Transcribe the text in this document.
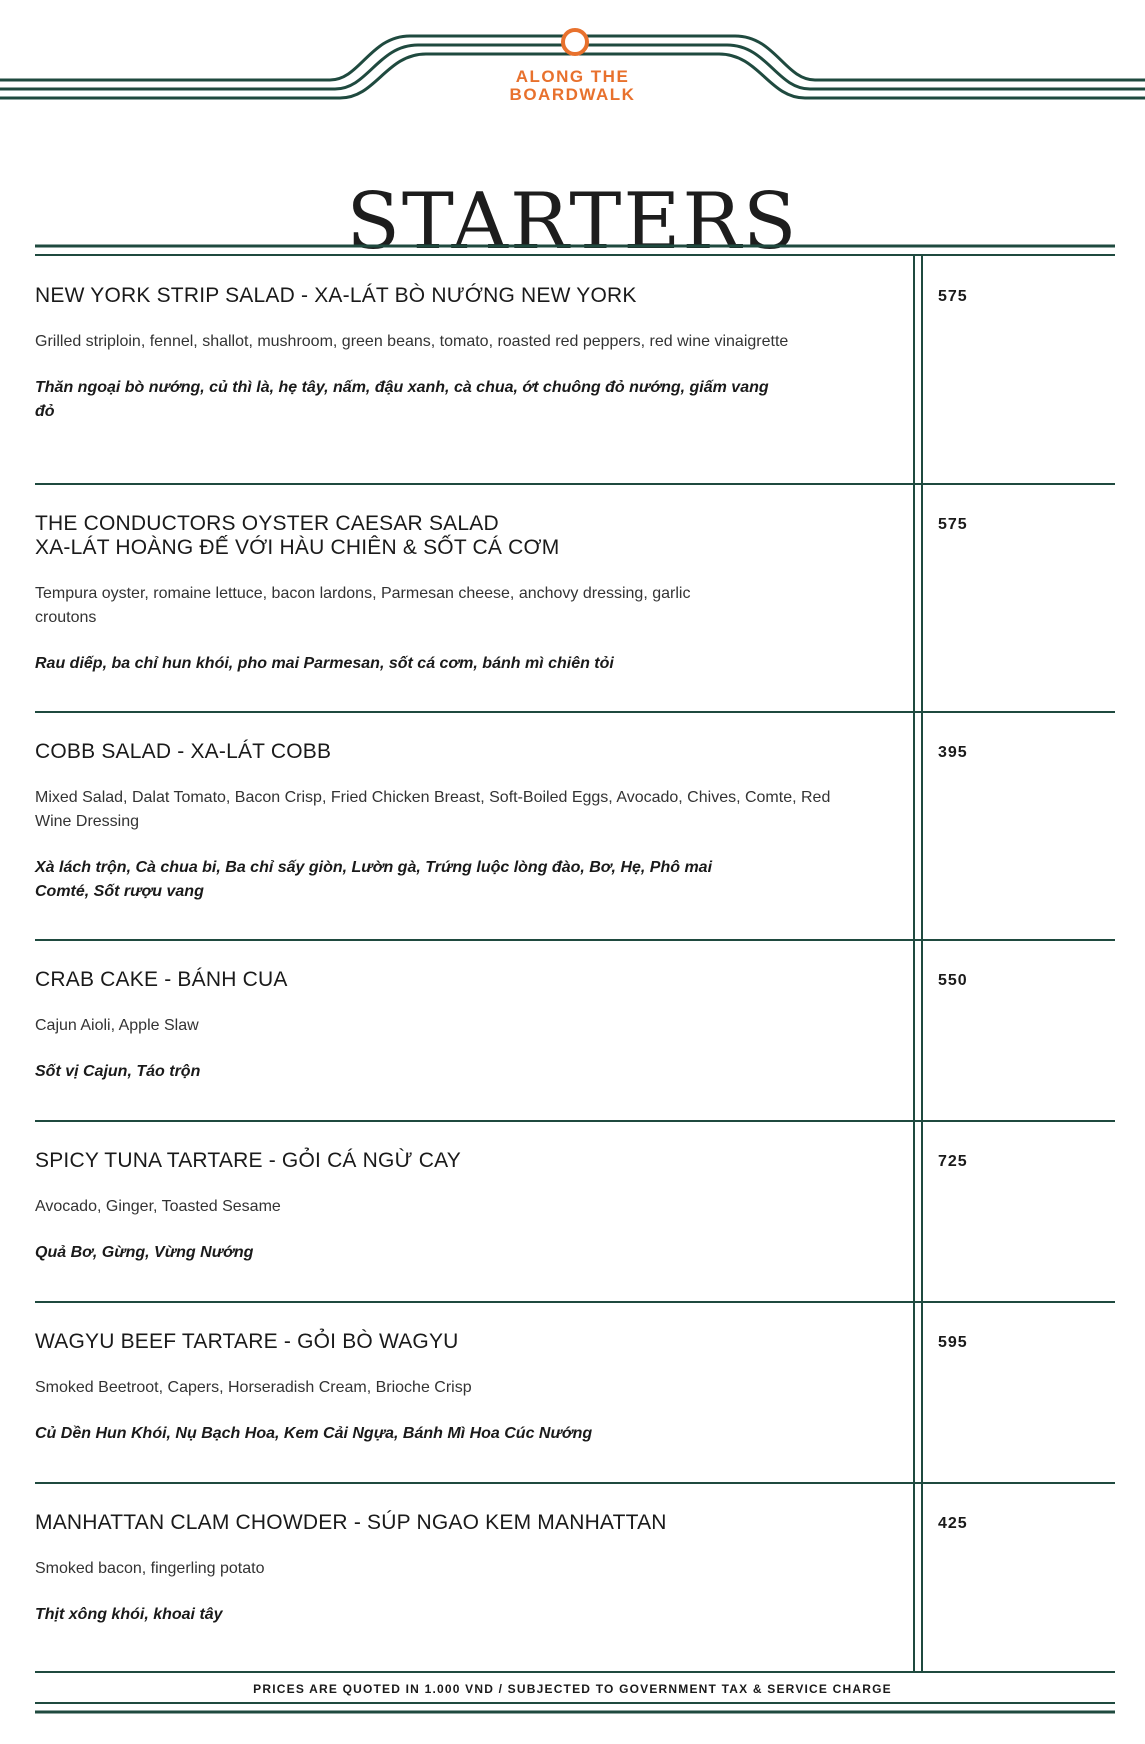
ALONG THE
BOARDWALK
STARTERS
NEW YORK STRIP SALAD - XA-LÁT BÒ NƯỚNG NEW YORK
Grilled striploin, fennel, shallot, mushroom, green beans, tomato, roasted red peppers, red wine vinaigrette
Thăn ngoại bò nướng, củ thì là, hẹ tây, nấm, đậu xanh, cà chua, ớt chuông đỏ nướng, giấm vang đỏ
575
THE CONDUCTORS OYSTER CAESAR SALAD
XA-LÁT HOÀNG ĐẾ VỚI HÀU CHIÊN & SỐT CÁ CƠM
Tempura oyster, romaine lettuce, bacon lardons, Parmesan cheese, anchovy dressing, garlic croutons
Rau diếp, ba chỉ hun khói, pho mai Parmesan, sốt cá cơm, bánh mì chiên tỏi
575
COBB SALAD - XA-LÁT COBB
Mixed Salad, Dalat Tomato, Bacon Crisp, Fried Chicken Breast, Soft-Boiled Eggs, Avocado, Chives, Comte, Red Wine Dressing
Xà lách trộn, Cà chua bi, Ba chỉ sấy giòn, Lườn gà, Trứng luộc lòng đào, Bơ, Hẹ, Phô mai Comté, Sốt rượu vang
395
CRAB CAKE - BÁNH CUA
Cajun Aioli, Apple Slaw
Sốt vị Cajun, Táo trộn
550
SPICY TUNA TARTARE - GỎI CÁ NGỪ CAY
Avocado, Ginger, Toasted Sesame
Quả Bơ, Gừng, Vừng Nướng
725
WAGYU BEEF TARTARE - GỎI BÒ WAGYU
Smoked Beetroot, Capers, Horseradish Cream, Brioche Crisp
Củ Dền Hun Khói, Nụ Bạch Hoa, Kem Cải Ngựa, Bánh Mì Hoa Cúc Nướng
595
MANHATTAN CLAM CHOWDER - SÚP NGAO KEM MANHATTAN
Smoked bacon, fingerling potato
Thịt xông khói, khoai tây
425
PRICES ARE QUOTED IN 1.000 VND / SUBJECTED TO GOVERNMENT TAX & SERVICE CHARGE
